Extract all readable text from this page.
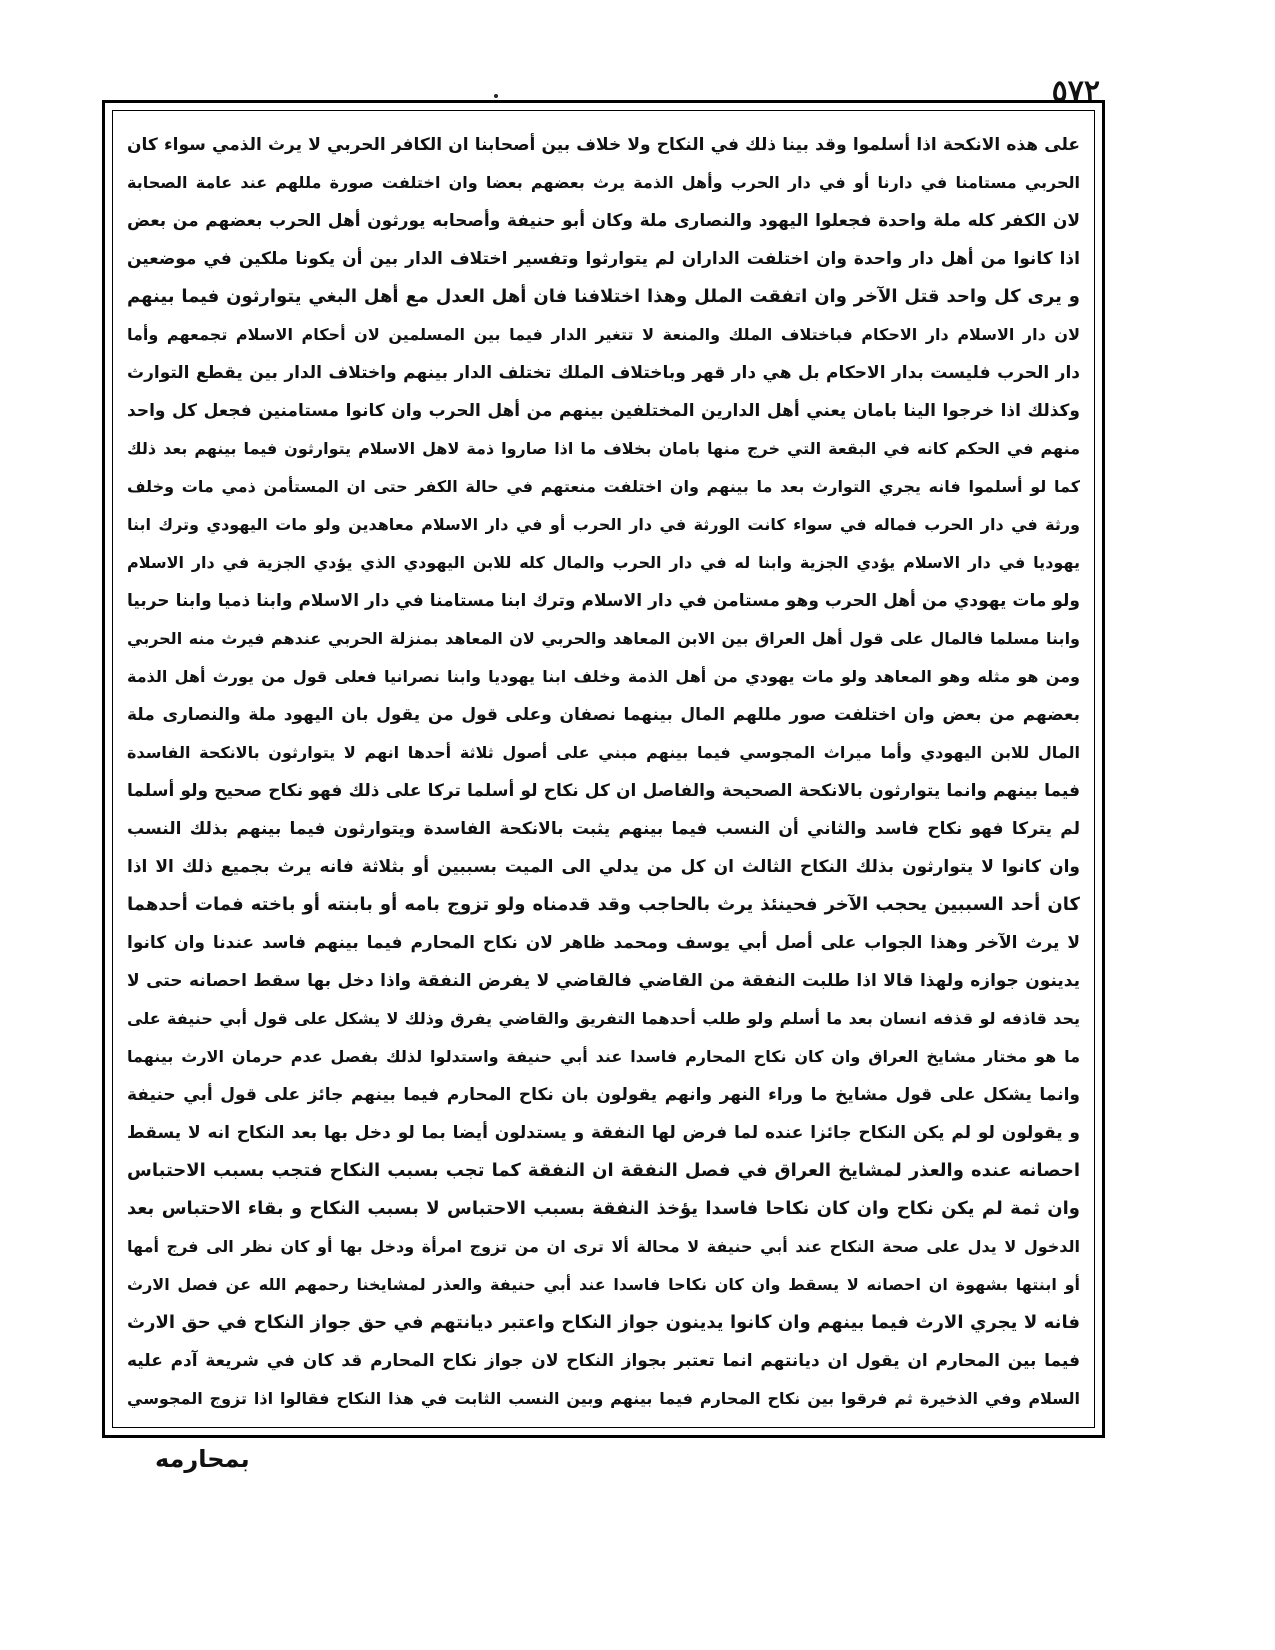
٥٧٢
على هذه الانكحة اذا أسلموا وقد بينا ذلك في النكاح ولا خلاف بين أصحابنا ان الكافر الحربي لا يرث الذمي سواء كان
الحربي مستامنا في دارنا أو في دار الحرب وأهل الذمة يرث بعضهم بعضا وان اختلفت صورة مللهم عند عامة الصحابة
لان الكفر كله ملة واحدة فجعلوا اليهود والنصارى ملة وكان أبو حنيفة وأصحابه يورثون أهل الحرب بعضهم من بعض
اذا كانوا من أهل دار واحدة وان اختلفت الداران لم يتوارثوا وتفسير اختلاف الدار بين أن يكونا ملكين في موضعين
و يرى كل واحد قتل الآخر وان اتفقت الملل وهذا اختلافنا فان أهل العدل مع أهل البغي يتوارثون فيما بينهم
لان دار الاسلام دار الاحكام فباختلاف الملك والمنعة لا تتغير الدار فيما بين المسلمين لان أحكام الاسلام تجمعهم وأما
دار الحرب فليست بدار الاحكام بل هي دار قهر وباختلاف الملك تختلف الدار بينهم واختلاف الدار بين يقطع التوارث
وكذلك اذا خرجوا الينا بامان يعني أهل الدارين المختلفين بينهم من أهل الحرب وان كانوا مستامنين فجعل كل واحد
منهم في الحكم كانه في البقعة التي خرج منها بامان بخلاف ما اذا صاروا ذمة لاهل الاسلام يتوارثون فيما بينهم بعد ذلك
كما لو أسلموا فانه يجري التوارث بعد ما بينهم وان اختلفت منعتهم في حالة الكفر حتى ان المستأمن ذمي مات وخلف
ورثة في دار الحرب فماله في سواء كانت الورثة في دار الحرب أو في دار الاسلام معاهدين ولو مات اليهودي وترك ابنا
يهوديا في دار الاسلام يؤدي الجزية وابنا له في دار الحرب والمال كله للابن اليهودي الذي يؤدي الجزية في دار الاسلام
ولو مات يهودي من أهل الحرب وهو مستامن في دار الاسلام وترك ابنا مستامنا في دار الاسلام وابنا ذميا وابنا حربيا
وابنا مسلما فالمال على قول أهل العراق بين الابن المعاهد والحربي لان المعاهد بمنزلة الحربي عندهم فيرث منه الحربي
ومن هو مثله وهو المعاهد ولو مات يهودي من أهل الذمة وخلف ابنا يهوديا وابنا نصرانيا فعلى قول من يورث أهل الذمة
بعضهم من بعض وان اختلفت صور مللهم المال بينهما نصفان وعلى قول من يقول بان اليهود ملة والنصارى ملة
المال للابن اليهودي وأما ميراث المجوسي فيما بينهم مبني على أصول ثلاثة أحدها انهم لا يتوارثون بالانكحة الفاسدة
فيما بينهم وانما يتوارثون بالانكحة الصحيحة والفاصل ان كل نكاح لو أسلما تركا على ذلك فهو نكاح صحيح ولو أسلما
لم يتركا فهو نكاح فاسد والثاني أن النسب فيما بينهم يثبت بالانكحة الفاسدة ويتوارثون فيما بينهم بذلك النسب
وان كانوا لا يتوارثون بذلك النكاح الثالث ان كل من يدلي الى الميت بسببين أو بثلاثة فانه يرث بجميع ذلك الا اذا
كان أحد السببين يحجب الآخر فحينئذ يرث بالحاجب وقد قدمناه ولو تزوج بامه أو بابنته أو باخته فمات أحدهما
لا يرث الآخر وهذا الجواب على أصل أبي يوسف ومحمد ظاهر لان نكاح المحارم فيما بينهم فاسد عندنا وان كانوا
يدينون جوازه ولهذا قالا اذا طلبت النفقة من القاضي فالقاضي لا يفرض النفقة واذا دخل بها سقط احصانه حتى لا
يحد قاذفه لو قذفه انسان بعد ما أسلم ولو طلب أحدهما التفريق والقاضي يفرق وذلك لا يشكل على قول أبي حنيفة على
ما هو مختار مشايخ العراق وان كان نكاح المحارم فاسدا عند أبي حنيفة واستدلوا لذلك بفصل عدم حرمان الارث بينهما
وانما يشكل على قول مشايخ ما وراء النهر وانهم يقولون بان نكاح المحارم فيما بينهم جائز على قول أبي حنيفة
و يقولون لو لم يكن النكاح جائزا عنده لما فرض لها النفقة و يستدلون أيضا بما لو دخل بها بعد النكاح انه لا يسقط
احصانه عنده والعذر لمشايخ العراق في فصل النفقة ان النفقة كما تجب بسبب النكاح فتجب بسبب الاحتباس
وان ثمة لم يكن نكاح وان كان نكاحا فاسدا يؤخذ النفقة بسبب الاحتباس لا بسبب النكاح و بقاء الاحتباس بعد
الدخول لا يدل على صحة النكاح عند أبي حنيفة لا محالة ألا ترى ان من تزوج امرأة ودخل بها أو كان نظر الى فرج أمها
أو ابنتها بشهوة ان احصانه لا يسقط وان كان نكاحا فاسدا عند أبي حنيفة والعذر لمشايخنا رحمهم الله عن فصل الارث
فانه لا يجري الارث فيما بينهم وان كانوا يدينون جواز النكاح واعتبر ديانتهم في حق جواز النكاح في حق الارث
فيما بين المحارم ان يقول ان ديانتهم انما تعتبر بجواز النكاح لان جواز نكاح المحارم قد كان في شريعة آدم عليه
السلام وفي الذخيرة ثم فرقوا بين نكاح المحارم فيما بينهم وبين النسب الثابت في هذا النكاح فقالوا اذا تزوج المجوسي
بمحارمه
